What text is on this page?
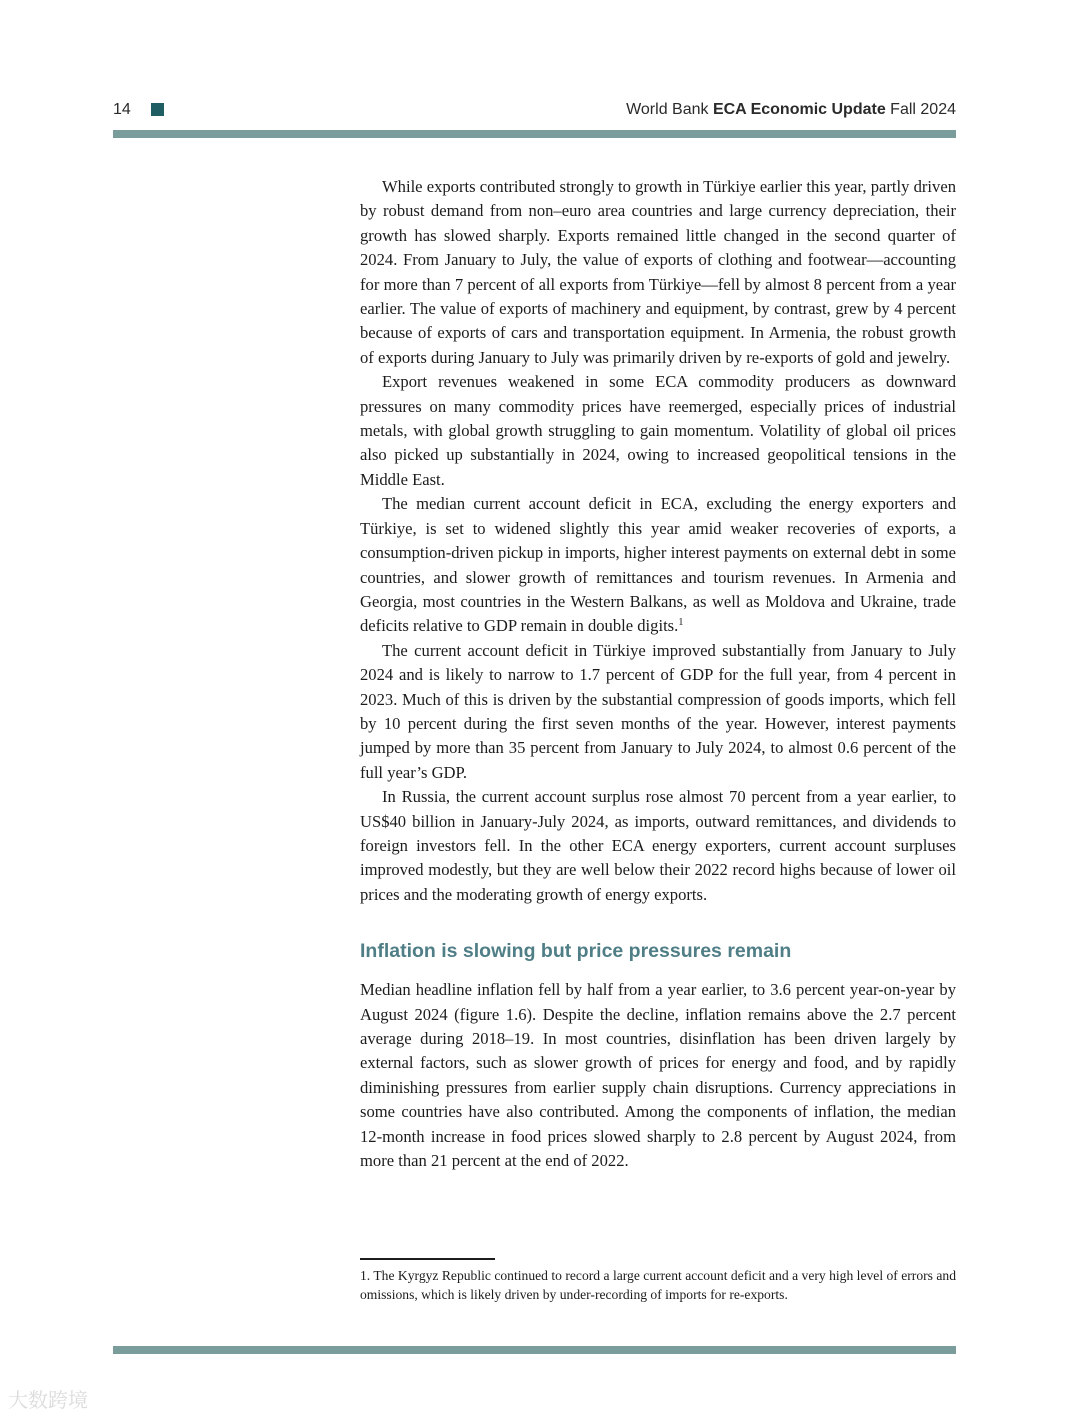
14	World Bank ECA Economic Update Fall 2024

While exports contributed strongly to growth in Türkiye earlier this year, partly driven by robust demand from non–euro area countries and large currency depreciation, their growth has slowed sharply. Exports remained little changed in the second quarter of 2024. From January to July, the value of exports of clothing and footwear—accounting for more than 7 percent of all exports from Türkiye—fell by almost 8 percent from a year earlier. The value of exports of machinery and equipment, by contrast, grew by 4 percent because of exports of cars and transportation equipment. In Armenia, the robust growth of exports during January to July was primarily driven by re-exports of gold and jewelry.

Export revenues weakened in some ECA commodity producers as downward pressures on many commodity prices have reemerged, especially prices of industrial metals, with global growth struggling to gain momentum. Volatility of global oil prices also picked up substantially in 2024, owing to increased geopolitical tensions in the Middle East.

The median current account deficit in ECA, excluding the energy exporters and Türkiye, is set to widened slightly this year amid weaker recoveries of exports, a consumption-driven pickup in imports, higher interest payments on external debt in some countries, and slower growth of remittances and tourism revenues. In Armenia and Georgia, most countries in the Western Balkans, as well as Moldova and Ukraine, trade deficits relative to GDP remain in double digits.$^1$

The current account deficit in Türkiye improved substantially from January to July 2024 and is likely to narrow to 1.7 percent of GDP for the full year, from 4 percent in 2023. Much of this is driven by the substantial compression of goods imports, which fell by 10 percent during the first seven months of the year. However, interest payments jumped by more than 35 percent from January to July 2024, to almost 0.6 percent of the full year’s GDP.

In Russia, the current account surplus rose almost 70 percent from a year earlier, to US$40 billion in January-July 2024, as imports, outward remittances, and dividends to foreign investors fell. In the other ECA energy exporters, current account surpluses improved modestly, but they are well below their 2022 record highs because of lower oil prices and the moderating growth of energy exports.

Inflation is slowing but price pressures remain

Median headline inflation fell by half from a year earlier, to 3.6 percent year-on-year by August 2024 (figure 1.6). Despite the decline, inflation remains above the 2.7 percent average during 2018–19. In most countries, disinflation has been driven largely by external factors, such as slower growth of prices for energy and food, and by rapidly diminishing pressures from earlier supply chain disruptions. Currency appreciations in some countries have also contributed. Among the components of inflation, the median 12-month increase in food prices slowed sharply to 2.8 percent by August 2024, from more than 21 percent at the end of 2022.

1. The Kyrgyz Republic continued to record a large current account deficit and a very high level of errors and omissions, which is likely driven by under-recording of imports for re-exports.
大数跨境
